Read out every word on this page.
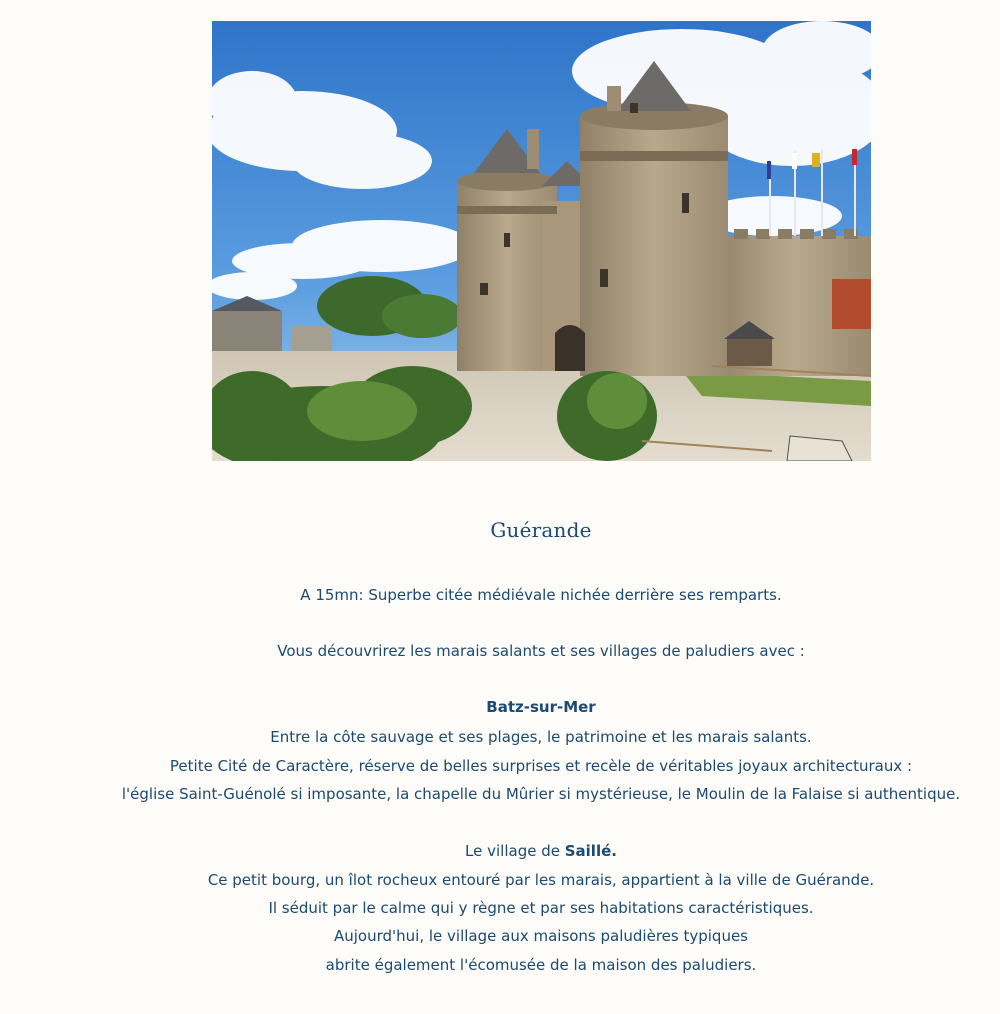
Guérande
A 15mn: Superbe citée médiévale nichée derrière ses remparts.
Vous découvrirez les marais salants et ses villages de paludiers avec :
Batz-sur-Mer
Entre la côte sauvage et ses plages, le patrimoine et les marais salants.
Petite Cité de Caractère, réserve de belles surprises et recèle de véritables joyaux architecturaux :
l'église Saint-Guénolé si imposante, la chapelle du Mûrier si mystérieuse, le Moulin de la Falaise si authentique.
Le village de Saillé.
Ce petit bourg, un îlot rocheux entouré par les marais, appartient à la ville de Guérande.
Il séduit par le calme qui y règne et par ses habitations caractéristiques.
Aujourd'hui, le village aux maisons paludières typiques
abrite également l'écomusée de la maison des paludiers.
